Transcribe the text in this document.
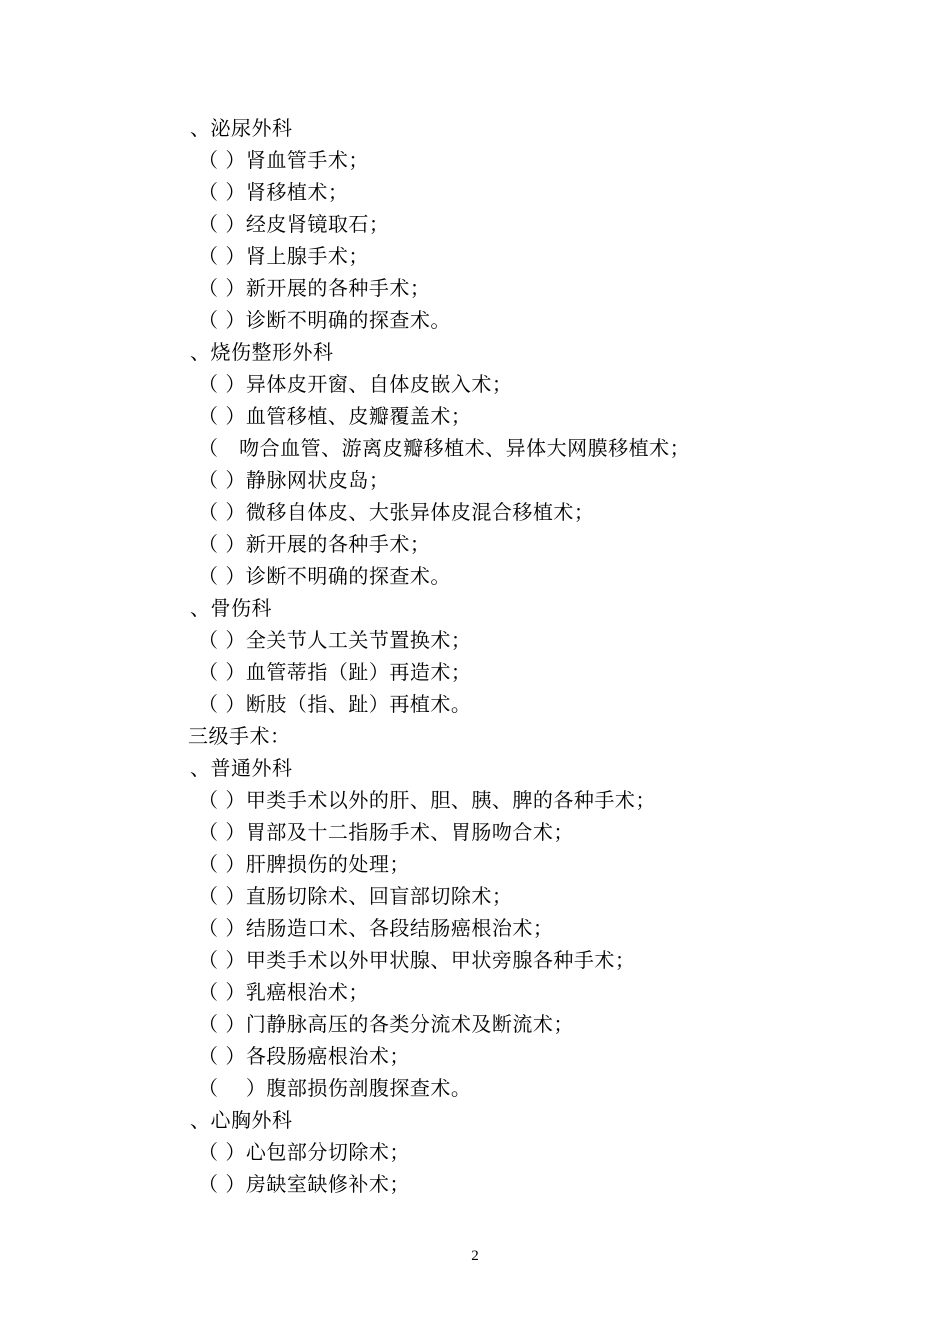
、泌尿外科
（ ）肾血管手术；
（ ）肾移植术；
（ ）经皮肾镜取石；
（ ）肾上腺手术；
（ ）新开展的各种手术；
（ ）诊断不明确的探查术。
、烧伤整形外科
（ ）异体皮开窗、自体皮嵌入术；
（ ）血管移植、皮瓣覆盖术；
（   吻合血管、游离皮瓣移植术、异体大网膜移植术；
（ ）静脉网状皮岛；
（ ）微移自体皮、大张异体皮混合移植术；
（ ）新开展的各种手术；
（ ）诊断不明确的探查术。
、骨伤科
（ ）全关节人工关节置换术；
（ ）血管蒂指（趾）再造术；
（ ）断肢（指、趾）再植术。
三级手术：
、普通外科
（ ）甲类手术以外的肝、胆、胰、脾的各种手术；
（ ）胃部及十二指肠手术、胃肠吻合术；
（ ）肝脾损伤的处理；
（ ）直肠切除术、回盲部切除术；
（ ）结肠造口术、各段结肠癌根治术；
（ ）甲类手术以外甲状腺、甲状旁腺各种手术；
（ ）乳癌根治术；
（ ）门静脉高压的各类分流术及断流术；
（ ）各段肠癌根治术；
（    ）腹部损伤剖腹探查术。
、心胸外科
（ ）心包部分切除术；
（ ）房缺室缺修补术；
2
